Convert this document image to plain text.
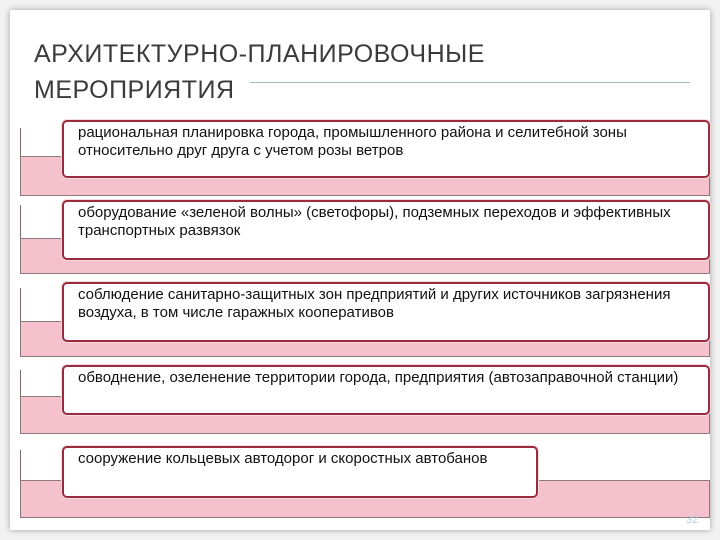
АРХИТЕКТУРНО-ПЛАНИРОВОЧНЫЕ
МЕРОПРИЯТИЯ
рациональная планировка города, промышленного района и селитебной зоны относительно друг друга с учетом розы ветров
оборудование «зеленой волны» (светофоры), подземных переходов и эффективных транспортных развязок
соблюдение санитарно-защитных зон предприятий и других источников загрязнения воздуха, в том числе гаражных кооперативов
обводнение, озеленение территории города, предприятия (автозаправочной станции)
сооружение кольцевых автодорог и скоростных автобанов
32
